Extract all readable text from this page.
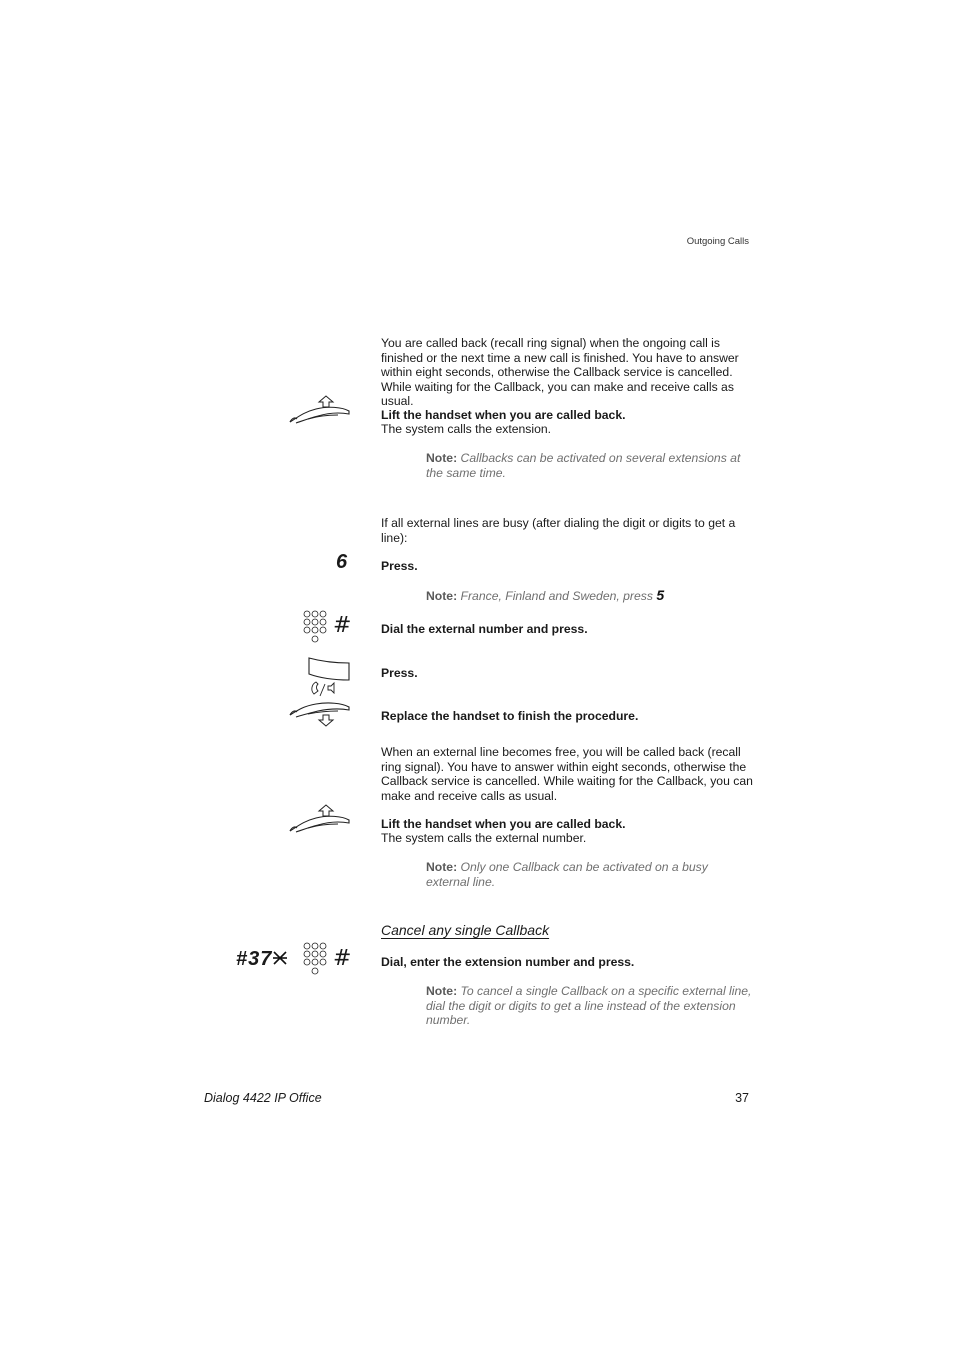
Outgoing Calls
You are called back (recall ring signal) when the ongoing call is finished or the next time a new call is finished. You have to answer within eight seconds, otherwise the Callback service is cancelled. While waiting for the Callback, you can make and receive calls as usual.
Lift the handset when you are called back.
The system calls the extension.
Note: Callbacks can be activated on several extensions at the same time.
If all external lines are busy (after dialing the digit or digits to get a line):
6	Press.
Note: France, Finland and Sweden, press 5
# Dial the external number and press.
Press.
Replace the handset to finish the procedure.
When an external line becomes free, you will be called back (recall ring signal). You have to answer within eight seconds, otherwise the Callback service is cancelled. While waiting for the Callback, you can make and receive calls as usual.
Lift the handset when you are called back.
The system calls the external number.
Note: Only one Callback can be activated on a busy external line.
Cancel any single Callback
#37	# Dial, enter the extension number and press.
Note: To cancel a single Callback on a specific external line, dial the digit or digits to get a line instead of the extension number.
Dialog 4422 IP Office	37
